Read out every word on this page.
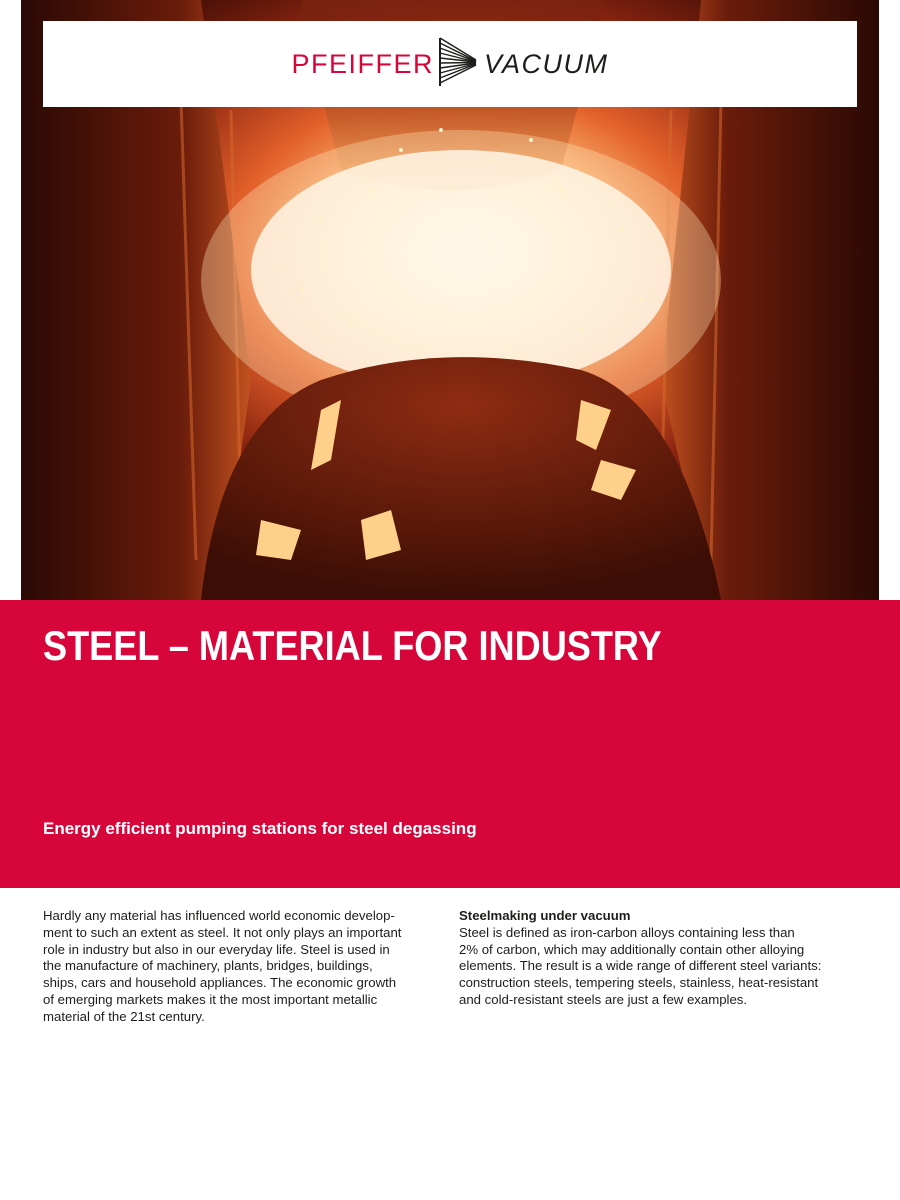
PFEIFFER VACUUM
STEEL – MATERIAL FOR INDUSTRY

Energy efficient pumping stations for steel degassing

Hardly any material has influenced world economic develop-

ment to such an extent as steel. It not only plays an important

role in industry but also in our everyday life. Steel is used in

the manufacture of machinery, plants, bridges, buildings,

ships, cars and household appliances. The economic growth

of emerging markets makes it the most important metallic

material of the 21st century.

Steelmaking under vacuum

Steel is defined as iron-carbon alloys containing less than

2% of carbon, which may additionally contain other alloying

elements. The result is a wide range of different steel variants:

construction steels, tempering steels, stainless, heat-resistant

and cold-resistant steels are just a few examples.
